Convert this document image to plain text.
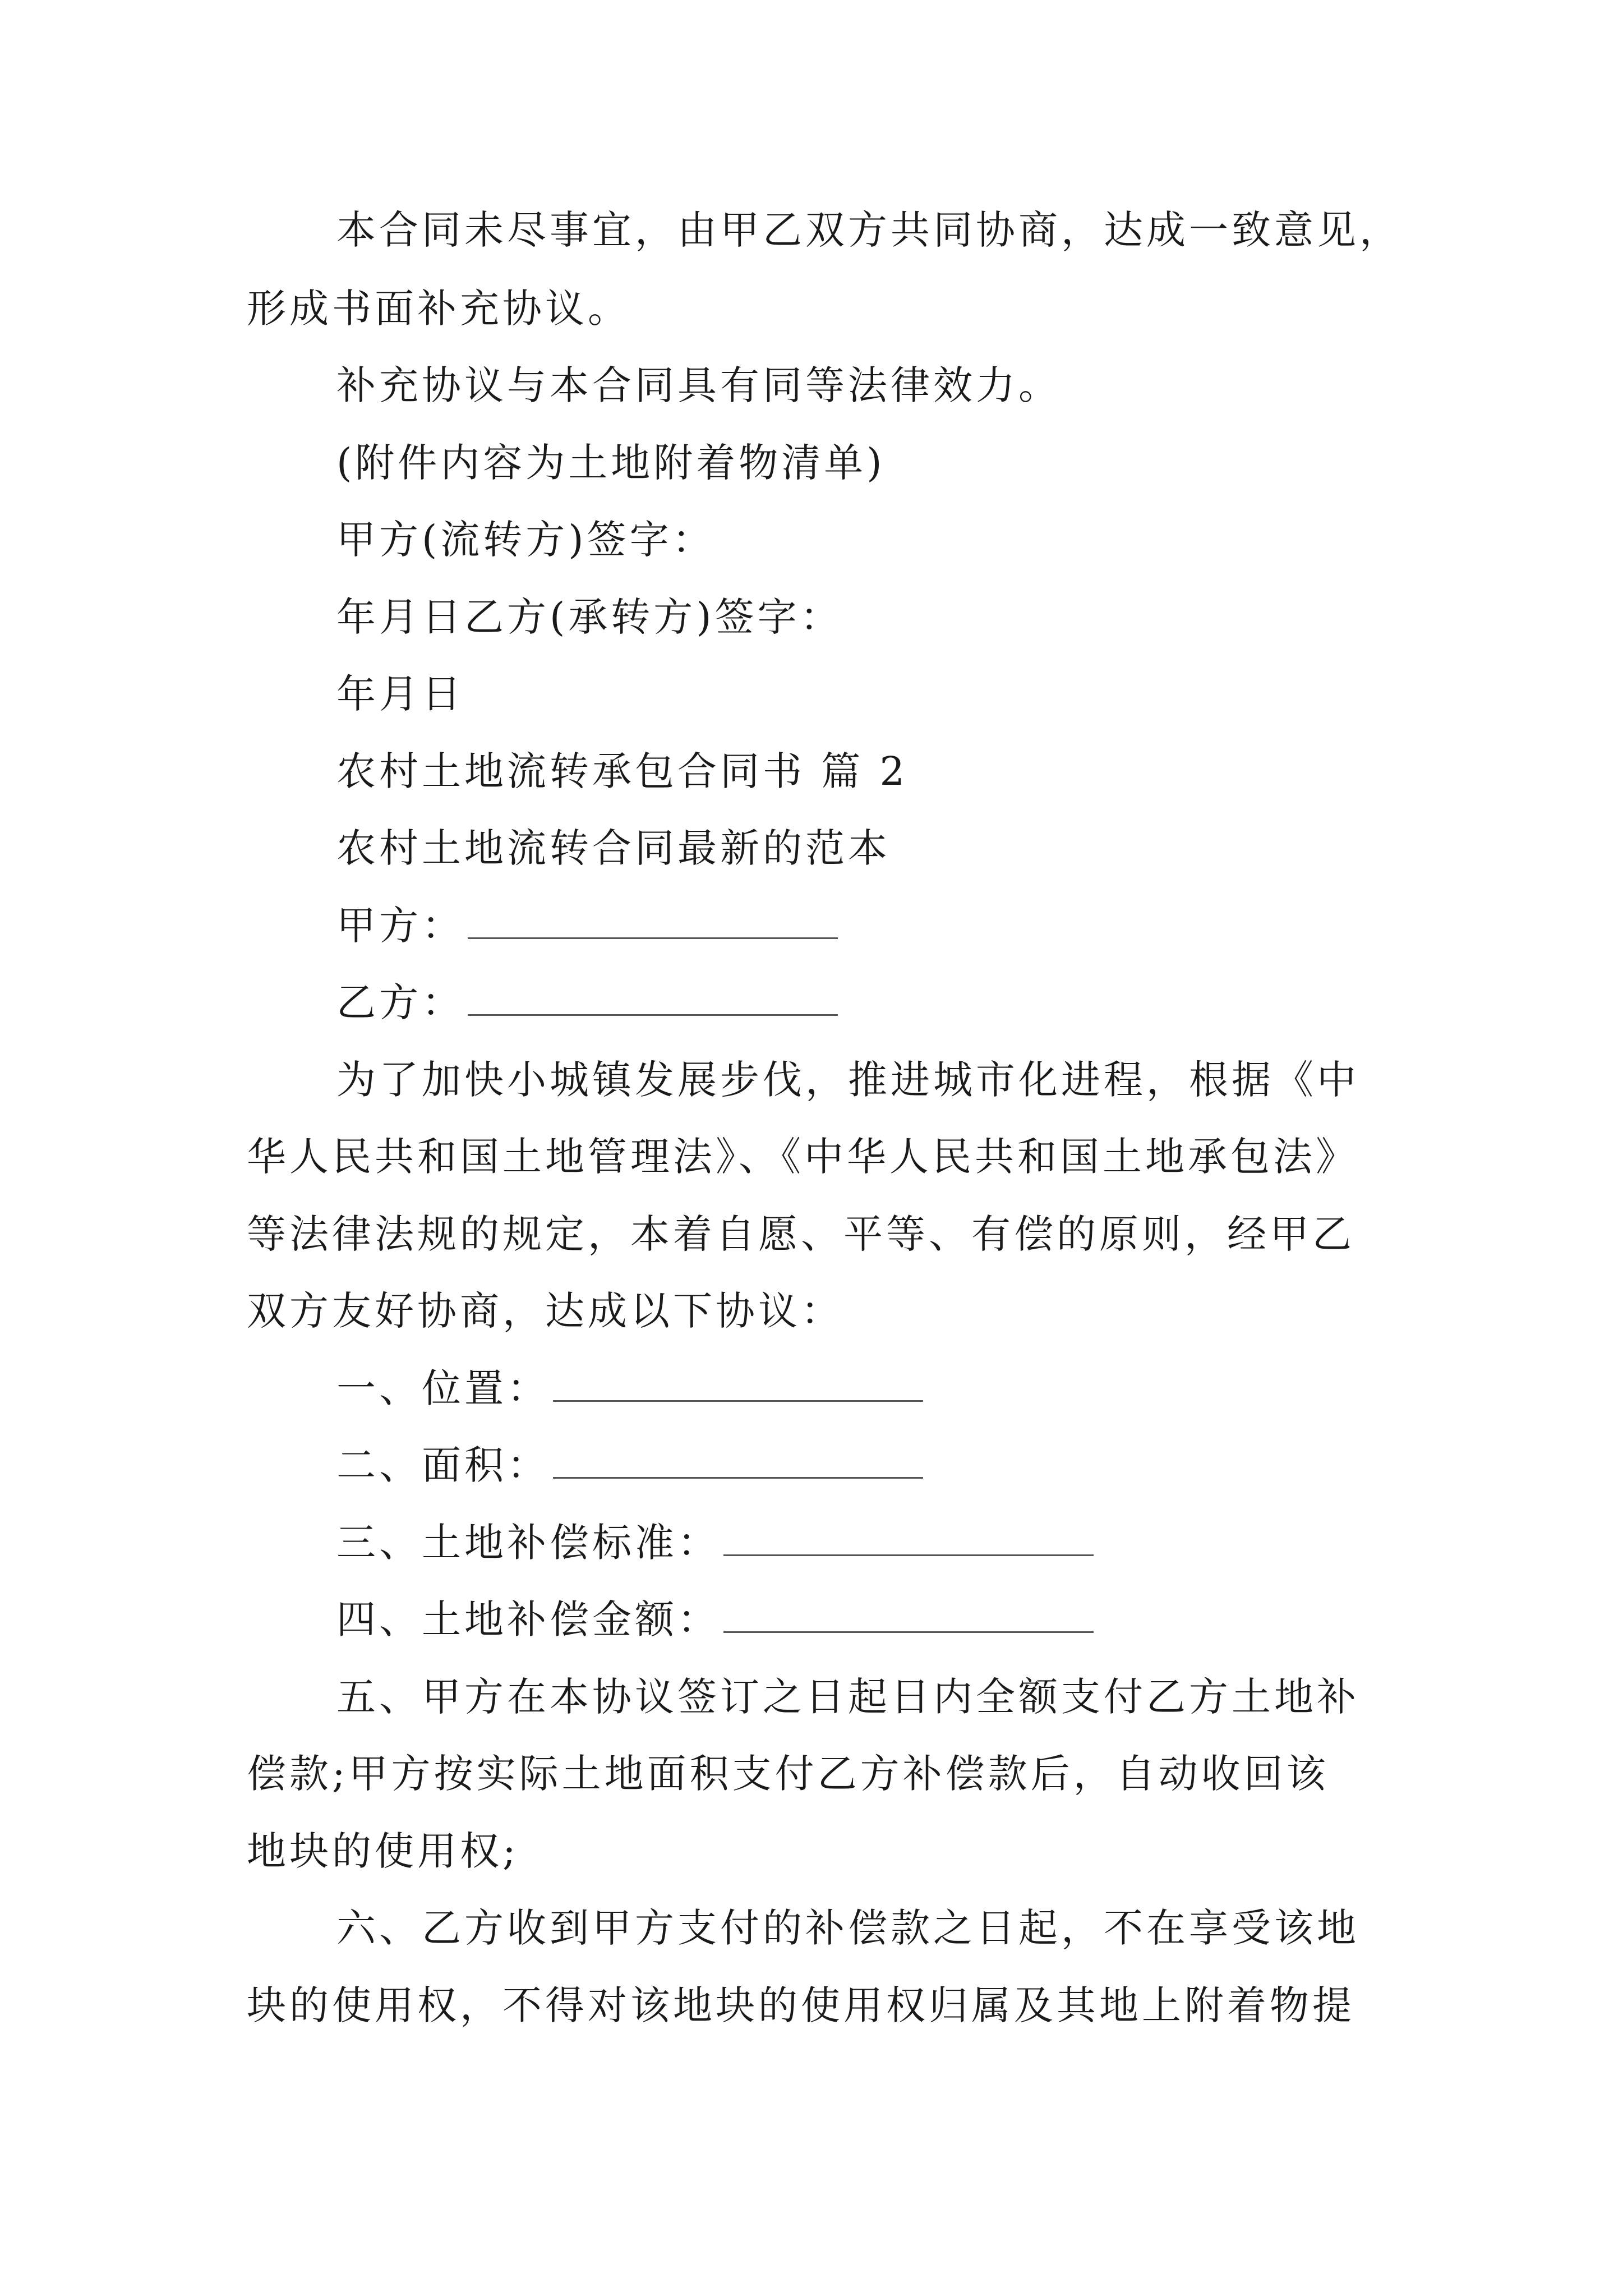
本合同未尽事宜，由甲乙双方共同协商，达成一致意见，
形成书面补充协议。
补充协议与本合同具有同等法律效力。
(附件内容为土地附着物清单)
甲方(流转方)签字：
年月日乙方(承转方)签字：
年月日
农村土地流转承包合同书 篇 2
农村土地流转合同最新的范本
甲方：
乙方：
为了加快小城镇发展步伐，推进城市化进程，根据《中
华人民共和国土地管理法》、《中华人民共和国土地承包法》
等法律法规的规定，本着自愿、平等、有偿的原则，经甲乙
双方友好协商，达成以下协议：
一、位置：
二、面积：
三、土地补偿标准：
四、土地补偿金额：
五、甲方在本协议签订之日起日内全额支付乙方土地补
偿款;甲方按实际土地面积支付乙方补偿款后，自动收回该
地块的使用权;
六、乙方收到甲方支付的补偿款之日起，不在享受该地
块的使用权，不得对该地块的使用权归属及其地上附着物提
